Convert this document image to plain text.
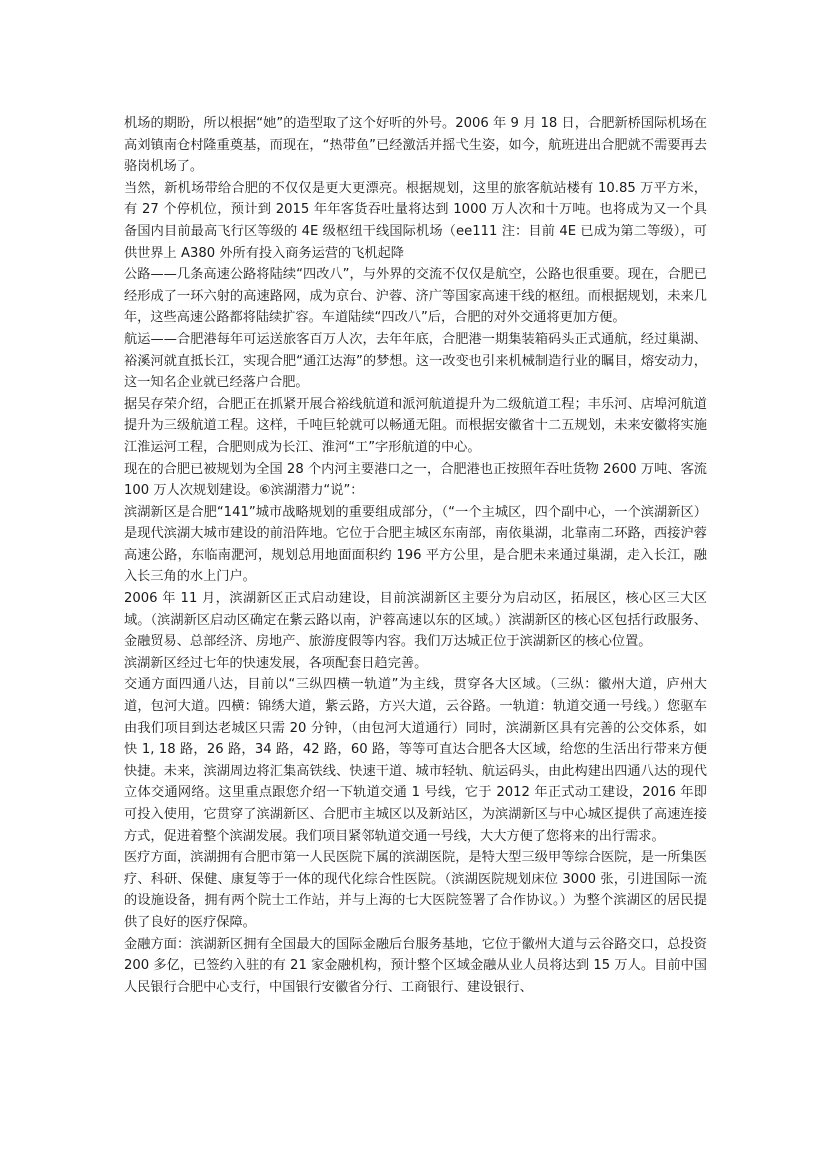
机场的期盼，所以根据“她”的造型取了这个好听的外号。2006 年 9 月 18 日，合肥新桥国际机场在高刘镇南仓村隆重奠基，而现在，“热带鱼”已经激活并摇弋生姿，如今，航班进出合肥就不需要再去骆岗机场了。

当然，新机场带给合肥的不仅仅是更大更漂亮。根据规划，这里的旅客航站楼有 10.85 万平方米，有 27 个停机位，预计到 2015 年年客货吞吐量将达到 1000 万人次和十万吨。也将成为又一个具备国内目前最高飞行区等级的 4E 级枢纽干线国际机场（ee111 注：目前 4E 已成为第二等级），可供世界上 A380 外所有投入商务运营的飞机起降

公路——几条高速公路将陆续“四改八”，与外界的交流不仅仅是航空，公路也很重要。现在，合肥已经形成了一环六射的高速路网，成为京台、沪蓉、济广等国家高速干线的枢纽。而根据规划，未来几年，这些高速公路都将陆续扩容。车道陆续“四改八”后，合肥的对外交通将更加方便。

航运——合肥港每年可运送旅客百万人次，去年年底，合肥港一期集装箱码头正式通航，经过巢湖、裕溪河就直抵长江，实现合肥“通江达海”的梦想。这一改变也引来机械制造行业的瞩目，熔安动力，这一知名企业就已经落户合肥。

据吴存荣介绍，合肥正在抓紧开展合裕线航道和派河航道提升为二级航道工程；丰乐河、店埠河航道提升为三级航道工程。这样，千吨巨轮就可以畅通无阻。而根据安徽省十二五规划，未来安徽将实施江淮运河工程，合肥则成为长江、淮河“工”字形航道的中心。

现在的合肥已被规划为全国 28 个内河主要港口之一，合肥港也正按照年吞吐货物 2600 万吨、客流 100 万人次规划建设。⑥滨湖潜力“说”：

滨湖新区是合肥“141”城市战略规划的重要组成部分，（“一个主城区，四个副中心，一个滨湖新区）是现代滨湖大城市建设的前沿阵地。它位于合肥主城区东南部，南依巢湖，北靠南二环路，西接沪蓉高速公路，东临南淝河，规划总用地面面积约 196 平方公里，是合肥未来通过巢湖，走入长江，融入长三角的水上门户。

2006 年 11 月，滨湖新区正式启动建设，目前滨湖新区主要分为启动区，拓展区，核心区三大区域。（滨湖新区启动区确定在紫云路以南，沪蓉高速以东的区域。）滨湖新区的核心区包括行政服务、金融贸易、总部经济、房地产、旅游度假等内容。我们万达城正位于滨湖新区的核心位置。

滨湖新区经过七年的快速发展，各项配套日趋完善。

交通方面四通八达，目前以“三纵四横一轨道”为主线，贯穿各大区域。（三纵：徽州大道，庐州大道，包河大道。四横：锦绣大道，紫云路，方兴大道，云谷路。一轨道：轨道交通一号线。）您驱车由我们项目到达老城区只需 20 分钟，（由包河大道通行）同时，滨湖新区具有完善的公交体系，如快 1, 18 路，26 路，34 路，42 路，60 路，等等可直达合肥各大区域，给您的生活出行带来方便快捷。未来，滨湖周边将汇集高铁线、快速干道、城市轻轨、航运码头，由此构建出四通八达的现代立体交通网络。这里重点跟您介绍一下轨道交通 1 号线，它于 2012 年正式动工建设，2016 年即可投入使用，它贯穿了滨湖新区、合肥市主城区以及新站区，为滨湖新区与中心城区提供了高速连接方式，促进着整个滨湖发展。我们项目紧邻轨道交通一号线，大大方便了您将来的出行需求。

医疗方面，滨湖拥有合肥市第一人民医院下属的滨湖医院，是特大型三级甲等综合医院，是一所集医疗、科研、保健、康复等于一体的现代化综合性医院。（滨湖医院规划床位 3000 张，引进国际一流的设施设备，拥有两个院士工作站，并与上海的七大医院签署了合作协议。）为整个滨湖区的居民提供了良好的医疗保障。

金融方面：滨湖新区拥有全国最大的国际金融后台服务基地，它位于徽州大道与云谷路交口，总投资 200 多亿，已签约入驻的有 21 家金融机构，预计整个区域金融从业人员将达到 15 万人。目前中国人民银行合肥中心支行，中国银行安徽省分行、工商银行、建设银行、
